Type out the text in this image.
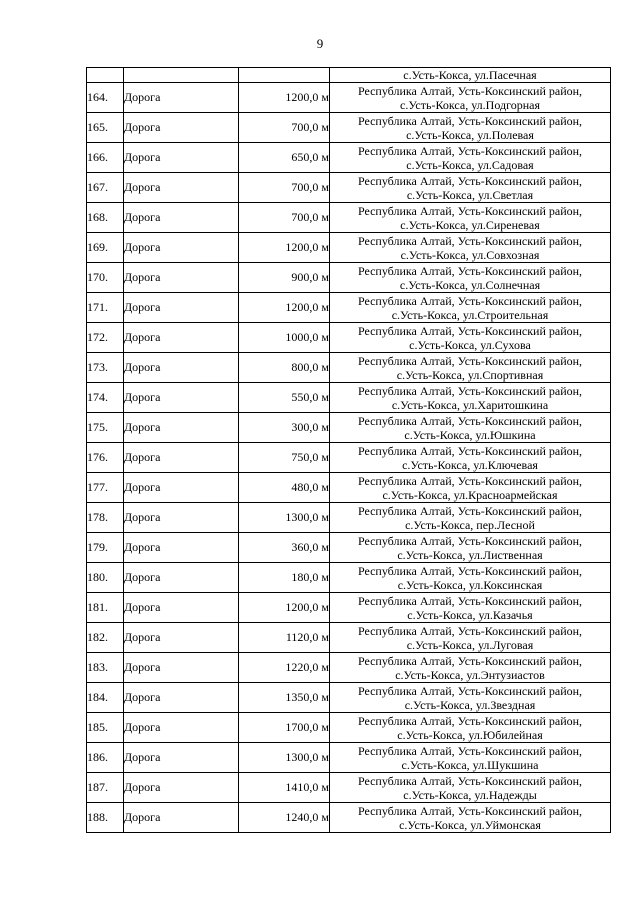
9
			с.Усть-Кокса, ул.Пасечная
164.	Дорога	1200,0 м	Республика Алтай, Усть-Коксинский район,
с.Усть-Кокса, ул.Подгорная

165.	Дорога	700,0 м	Республика Алтай, Усть-Коксинский район,
с.Усть-Кокса, ул.Полевая

166.	Дорога	650,0 м	Республика Алтай, Усть-Коксинский район,
с.Усть-Кокса, ул.Садовая

167.	Дорога	700,0 м	Республика Алтай, Усть-Коксинский район,
с.Усть-Кокса, ул.Светлая

168.	Дорога	700,0 м	Республика Алтай, Усть-Коксинский район,
с.Усть-Кокса, ул.Сиреневая

169.	Дорога	1200,0 м	Республика Алтай, Усть-Коксинский район,
с.Усть-Кокса, ул.Совхозная

170.	Дорога	900,0 м	Республика Алтай, Усть-Коксинский район,
с.Усть-Кокса, ул.Солнечная

171.	Дорога	1200,0 м	Республика Алтай, Усть-Коксинский район,
с.Усть-Кокса, ул.Строительная

172.	Дорога	1000,0 м	Республика Алтай, Усть-Коксинский район,
с.Усть-Кокса, ул.Сухова

173.	Дорога	800,0 м	Республика Алтай, Усть-Коксинский район,
с.Усть-Кокса, ул.Спортивная

174.	Дорога	550,0 м	Республика Алтай, Усть-Коксинский район,
с.Усть-Кокса, ул.Харитошкина

175.	Дорога	300,0 м	Республика Алтай, Усть-Коксинский район,
с.Усть-Кокса, ул.Юшкина

176.	Дорога	750,0 м	Республика Алтай, Усть-Коксинский район,
с.Усть-Кокса, ул.Ключевая

177.	Дорога	480,0 м	Республика Алтай, Усть-Коксинский район,
с.Усть-Кокса, ул.Красноармейская

178.	Дорога	1300,0 м	Республика Алтай, Усть-Коксинский район,
с.Усть-Кокса, пер.Лесной

179.	Дорога	360,0 м	Республика Алтай, Усть-Коксинский район,
с.Усть-Кокса, ул.Лиственная

180.	Дорога	180,0 м	Республика Алтай, Усть-Коксинский район,
с.Усть-Кокса, ул.Коксинская

181.	Дорога	1200,0 м	Республика Алтай, Усть-Коксинский район,
с.Усть-Кокса, ул.Казачья

182.	Дорога	1120,0 м	Республика Алтай, Усть-Коксинский район,
с.Усть-Кокса, ул.Луговая

183.	Дорога	1220,0 м	Республика Алтай, Усть-Коксинский район,
с.Усть-Кокса, ул.Энтузиастов

184.	Дорога	1350,0 м	Республика Алтай, Усть-Коксинский район,
с.Усть-Кокса, ул.Звездная

185.	Дорога	1700,0 м	Республика Алтай, Усть-Коксинский район,
с.Усть-Кокса, ул.Юбилейная

186.	Дорога	1300,0 м	Республика Алтай, Усть-Коксинский район,
с.Усть-Кокса, ул.Шукшина

187.	Дорога	1410,0 м	Республика Алтай, Усть-Коксинский район,
с.Усть-Кокса, ул.Надежды

188.	Дорога	1240,0 м	Республика Алтай, Усть-Коксинский район,
с.Усть-Кокса, ул.Уймонская
